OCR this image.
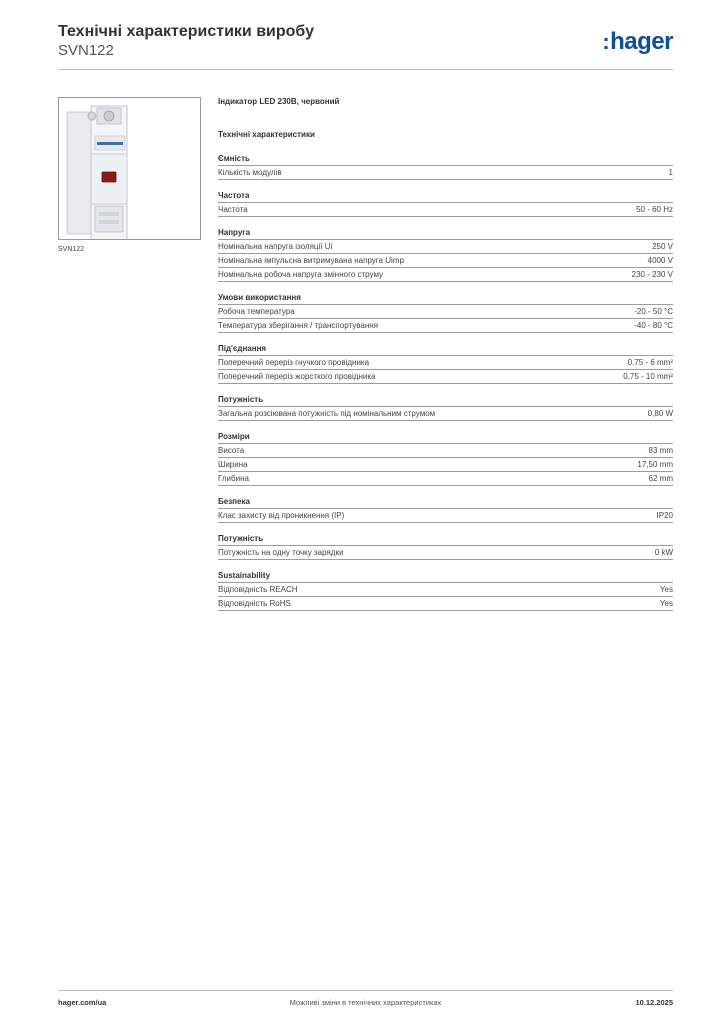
Технічні характеристики виробу
SVN122	:hager
SVN122
Індикатор LED 230В, червоний
Технічні характеристики
Ємність
Кількість модулів	1
Частота
Частота	50 - 60 Hz
Напруга
Номінальна напруга ізоляції Ui	250 V
Номінальна імпульсна витримувана напруга Uimp	4000 V
Номінальна робоча напруга змінного струму	230 - 230 V
Умови використання
Робоча температура	-20 - 50 °C
Температура зберігання / транспортування	-40 - 80 °C
Під'єднання
Поперечний переріз гнучкого провідника	0.75 - 6 mm²
Поперечний переріз жорсткого провідника	0.75 - 10 mm²
Потужність
Загальна розсіювана потужність під номінальним струмом	0,80 W
Розміри
Висота	83 mm
Ширина	17,50 mm
Глибина	62 mm
Безпека
Клас захисту від проникнення (IP)	IP20
Потужність
Потужність на одну точку зарядки	0 kW
Sustainability
Відповідність REACH	Yes
Відповідність RoHS	Yes
hager.com/ua	Можливі зміни в технічних характеристиках	10.12.2025
